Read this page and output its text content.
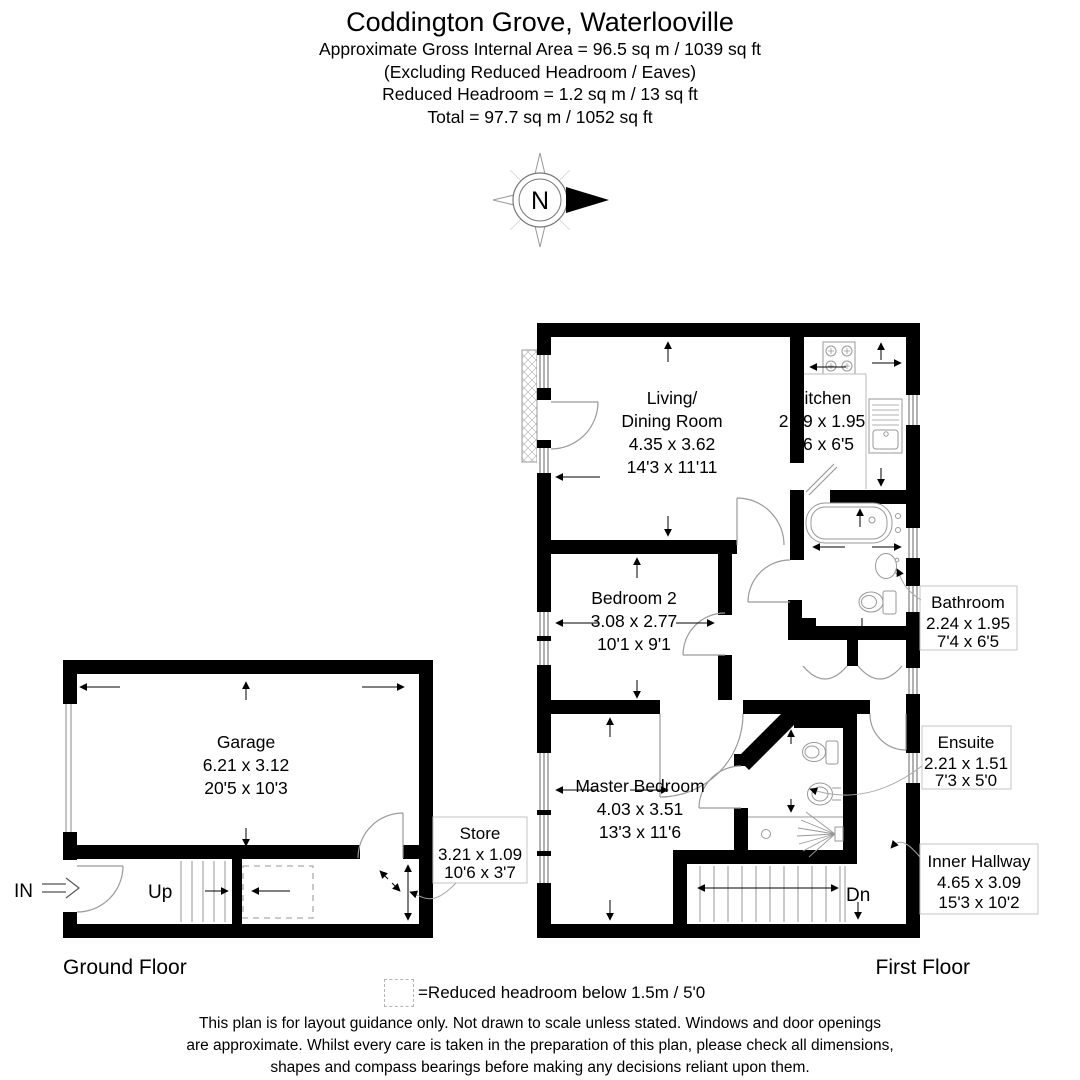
Coddington Grove, Waterlooville
Approximate Gross Internal Area = 96.5 sq m / 1039 sq ft
(Excluding Reduced Headroom / Eaves)
Reduced Headroom = 1.2 sq m / 13 sq ft
Total = 97.7 sq m / 1052 sq ft
N
Living/
Dining Room
4.35 x 3.62
14'3 x 11'11
Kitchen
2.89 x 1.95
9'6 x 6'5
Bedroom 2
3.08 x 2.77
10'1 x 9'1
Master Bedroom
4.03 x 3.51
13'3 x 11'6
Dn
Bathroom
2.24 x 1.95
7'4 x 6'5
Ensuite
2.21 x 1.51
7'3 x 5'0
Inner Hallway
4.65 x 3.09
15'3 x 10'2
Garage
6.21 x 3.12
20'5 x 10'3
Up
IN
Store
3.21 x 1.09
10'6 x 3'7
Ground Floor	First Floor
=Reduced headroom below 1.5m / 5'0
This plan is for layout guidance only. Not drawn to scale unless stated. Windows and door openings
are approximate. Whilst every care is taken in the preparation of this plan, please check all dimensions,
shapes and compass bearings before making any decisions reliant upon them.
